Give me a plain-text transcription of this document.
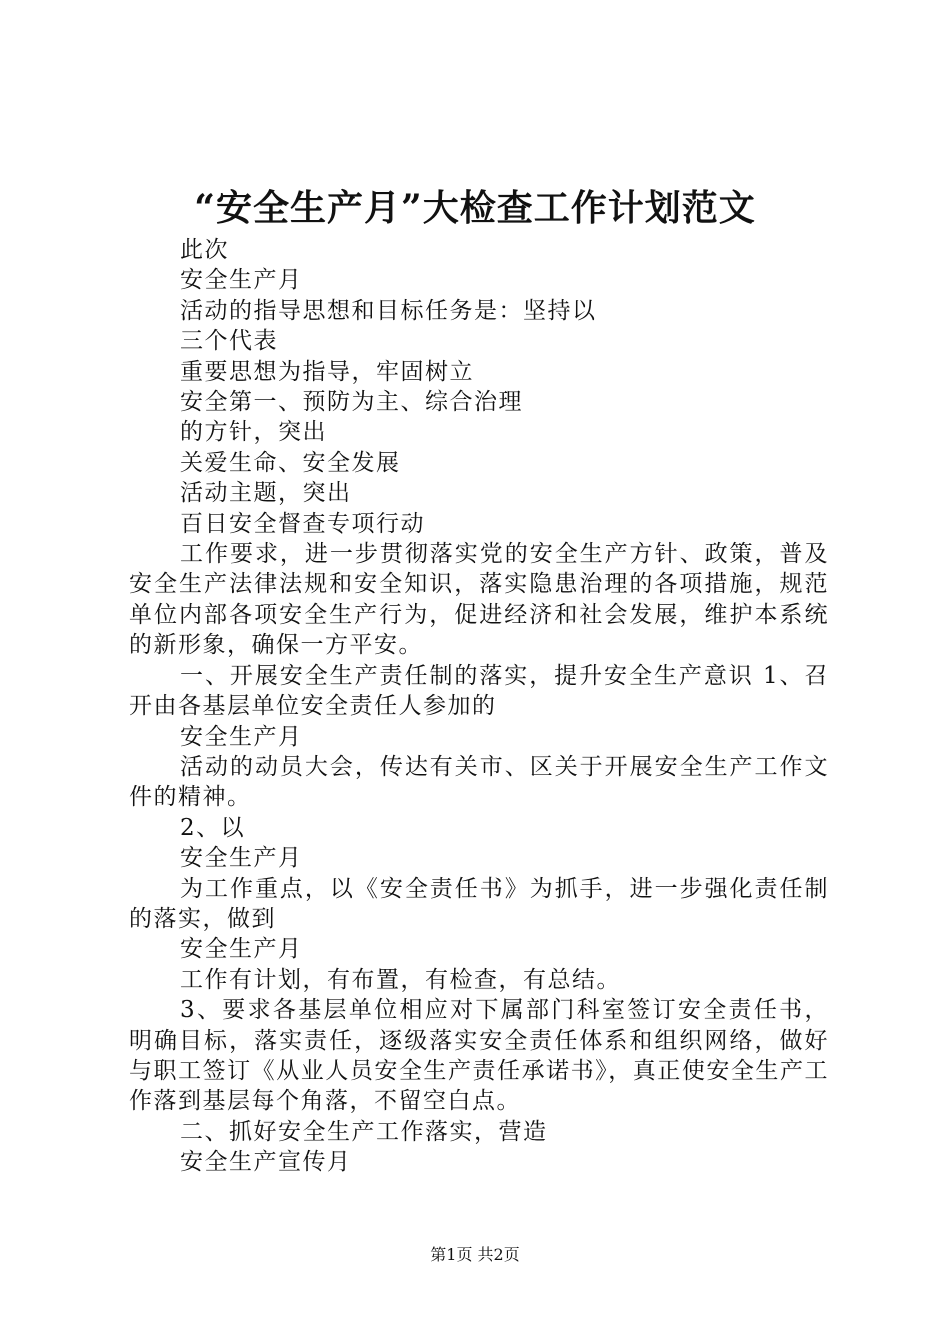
“安全生产月”大检查工作计划范文

此次

安全生产月

活动的指导思想和目标任务是：坚持以

三个代表

重要思想为指导，牢固树立

安全第一、预防为主、综合治理

的方针，突出

关爱生命、安全发展

活动主题，突出

百日安全督查专项行动

工作要求，进一步贯彻落实党的安全生产方针、政策，普及安全生产法律法规和安全知识，落实隐患治理的各项措施，规范单位内部各项安全生产行为，促进经济和社会发展，维护本系统的新形象，确保一方平安。

一、开展安全生产责任制的落实，提升安全生产意识 1、召开由各基层单位安全责任人参加的

安全生产月

活动的动员大会，传达有关市、区关于开展安全生产工作文件的精神。

2、以

安全生产月

为工作重点，以《安全责任书》为抓手，进一步强化责任制的落实，做到

安全生产月

工作有计划，有布置，有检查，有总结。

3、要求各基层单位相应对下属部门科室签订安全责任书，明确目标，落实责任，逐级落实安全责任体系和组织网络，做好与职工签订《从业人员安全生产责任承诺书》，真正使安全生产工作落到基层每个角落，不留空白点。

二、抓好安全生产工作落实，营造

安全生产宣传月

第1页 共2页
